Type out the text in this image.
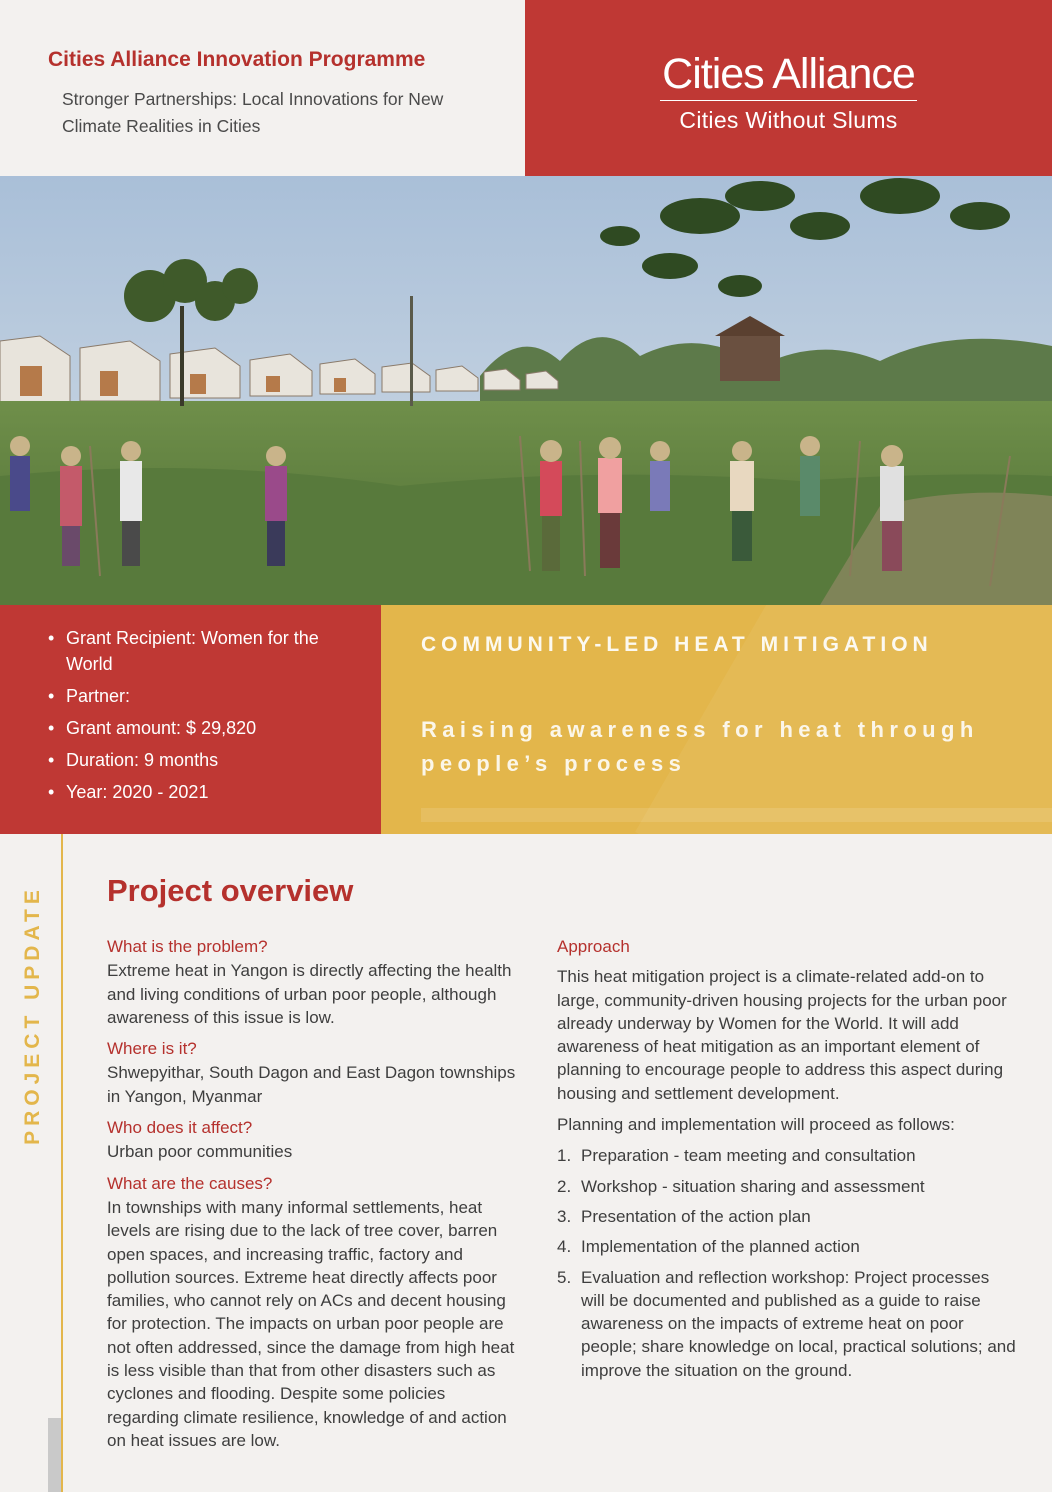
Cities Alliance Innovation Programme
Stronger Partnerships: Local Innovations for New Climate Realities in Cities
Cities Alliance
Cities Without Slums
• Grant Recipient: Women for the World
• Partner:
• Grant amount: $ 29,820
• Duration: 9 months
• Year: 2020 - 2021
COMMUNITY-LED HEAT MITIGATION
Raising awareness for heat through people’s process
PROJECT UPDATE Project overview
What is the problem?
Extreme heat in Yangon is directly affecting the health and living conditions of urban poor people, although awareness of this issue is low.
Where is it?
Shwepyithar, South Dagon and East Dagon townships in Yangon, Myanmar
Who does it affect?
Urban poor communities
What are the causes?
In townships with many informal settlements, heat levels are rising due to the lack of tree cover, barren open spaces, and increasing traffic, factory and pollution sources. Extreme heat directly affects poor families, who cannot rely on ACs and decent housing for protection. The impacts on urban poor people are not often addressed, since the damage from high heat is less visible than that from other disasters such as cyclones and flooding. Despite some policies regarding climate resilience, knowledge of and action on heat issues are low.
Approach
This heat mitigation project is a climate-related add-on to large, community-driven housing projects for the urban poor already underway by Women for the World. It will add awareness of heat mitigation as an important element of planning to encourage people to address this aspect during housing and settlement development.
Planning and implementation will proceed as follows:
1. Preparation - team meeting and consultation
2. Workshop - situation sharing and assessment
3. Presentation of the action plan
4. Implementation of the planned action
5. Evaluation and reflection workshop: Project processes will be documented and published as a guide to raise awareness on the impacts of extreme heat on poor people; share knowledge on local, practical solutions; and improve the situation on the ground.
